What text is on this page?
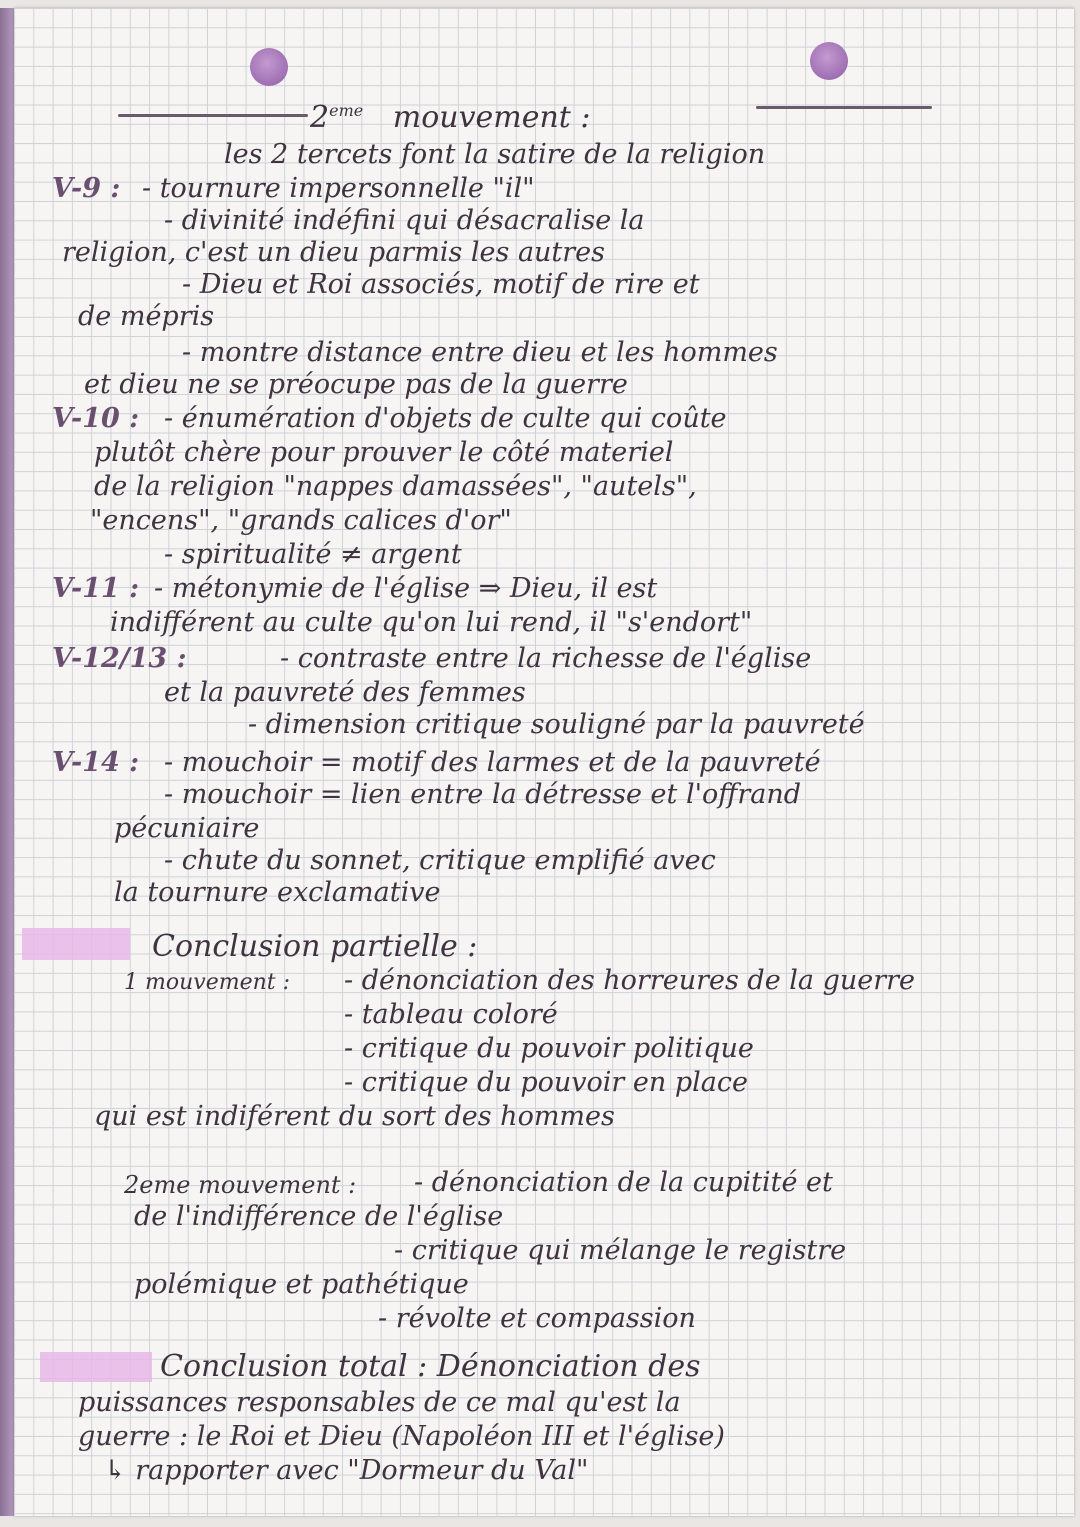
2eme mouvement :
les 2 tercets font la satire de la religion
V-9 : - tournure impersonnelle "il"
- divinité indéfini qui désacralise la
religion, c'est un dieu parmis les autres
- Dieu et Roi associés, motif de rire et
de mépris
- montre distance entre dieu et les hommes
et dieu ne se préocupe pas de la guerre
V-10 : - énumération d'objets de culte qui coûte
plutôt chère pour prouver le côté materiel
de la religion "nappes damassées", "autels",
"encens", "grands calices d'or"
- spiritualité ≠ argent
V-11 : - métonymie de l'église ⇒ Dieu, il est
indifférent au culte qu'on lui rend, il "s'endort"
V-12/13 :	- contraste entre la richesse de l'église
et la pauvreté des femmes
- dimension critique souligné par la pauvreté
V-14 : - mouchoir = motif des larmes et de la pauvreté
- mouchoir = lien entre la détresse et l'offrand
pécuniaire
- chute du sonnet, critique emplifié avec
la tournure exclamative
Conclusion partielle :
1 mouvement : - dénonciation des horreures de la guerre
- tableau coloré
- critique du pouvoir politique
- critique du pouvoir en place
qui est indiférent du sort des hommes
2eme mouvement : - dénonciation de la cupitité et
de l'indifférence de l'église
- critique qui mélange le registre
polémique et pathétique
- révolte et compassion
Conclusion total : Dénonciation des
puissances responsables de ce mal qu'est la
guerre : le Roi et Dieu (Napoléon III et l'église)
↳ rapporter avec "Dormeur du Val"
